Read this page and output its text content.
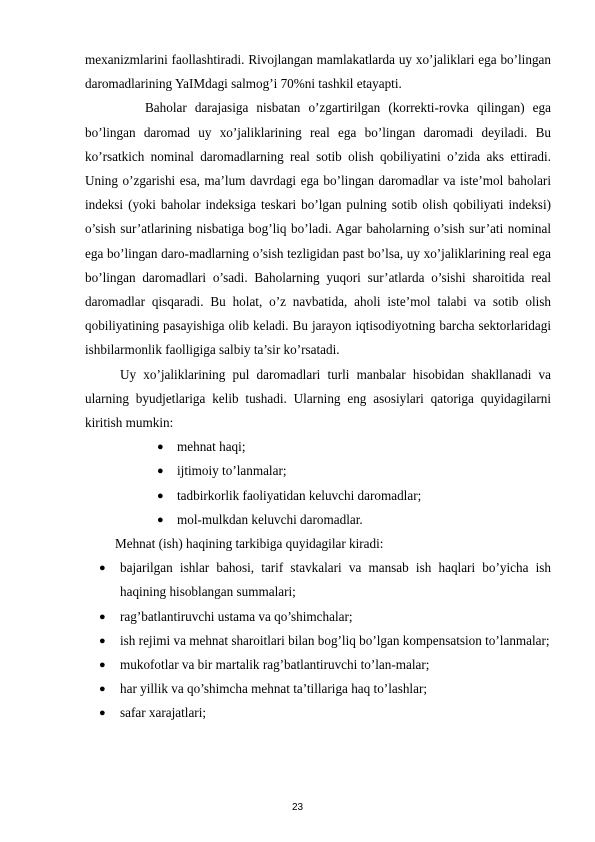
mexanizmlarini faollashtiradi. Rivojlangan mamlakatlarda uy xo’jaliklari ega bo’lingan daromadlarining YaIMdagi salmog’i 70%ni tashkil etayapti.

Baholar darajasiga nisbatan o’zgartirilgan (korrekti-rovka qilingan) ega bo’lingan daromad uy xo’jaliklarining real ega bo’lingan daromadi deyiladi. Bu ko’rsatkich nominal daromadlarning real sotib olish qobiliyatini o’zida aks ettiradi. Uning o’zgarishi esa, ma’lum davrdagi ega bo’lingan daromadlar va iste’mol baholari indeksi (yoki baholar indeksiga teskari bo’lgan pulning sotib olish qobiliyati indeksi) o’sish sur’atlarining nisbatiga bog’liq bo’ladi. Agar baholarning o’sish sur’ati nominal ega bo’lingan daro-madlarning o’sish tezligidan past bo’lsa, uy xo’jaliklarining real ega bo’lingan daromadlari o’sadi. Baholarning yuqori sur’atlarda o’sishi sharoitida real daromadlar qisqaradi. Bu holat, o’z navbatida, aholi iste’mol talabi va sotib olish qobiliyatining pasayishiga olib keladi. Bu jarayon iqtisodiyotning barcha sektorlaridagi ishbilarmonlik faolligiga salbiy ta’sir ko’rsatadi.

Uy xo’jaliklarining pul daromadlari turli manbalar hisobidan shakllanadi va ularning byudjetlariga kelib tushadi. Ularning eng asosiylari qatoriga quyidagilarni kiritish mumkin:

● mehnat haqi;
● ijtimoiy to’lanmalar;
● tadbirkorlik faoliyatidan keluvchi daromadlar;
● mol-mulkdan keluvchi daromadlar.

Mehnat (ish) haqining tarkibiga quyidagilar kiradi:

● bajarilgan ishlar bahosi, tarif stavkalari va mansab ish haqlari bo’yicha ish haqining hisoblangan summalari;
● rag’batlantiruvchi ustama va qo’shimchalar;
● ish rejimi va mehnat sharoitlari bilan bog’liq bo’lgan kompensatsion to’lanmalar;
● mukofotlar va bir martalik rag’batlantiruvchi to’lan-malar;
● har yillik va qo’shimcha mehnat ta’tillariga haq to’lashlar;
● safar xarajatlari;
23
